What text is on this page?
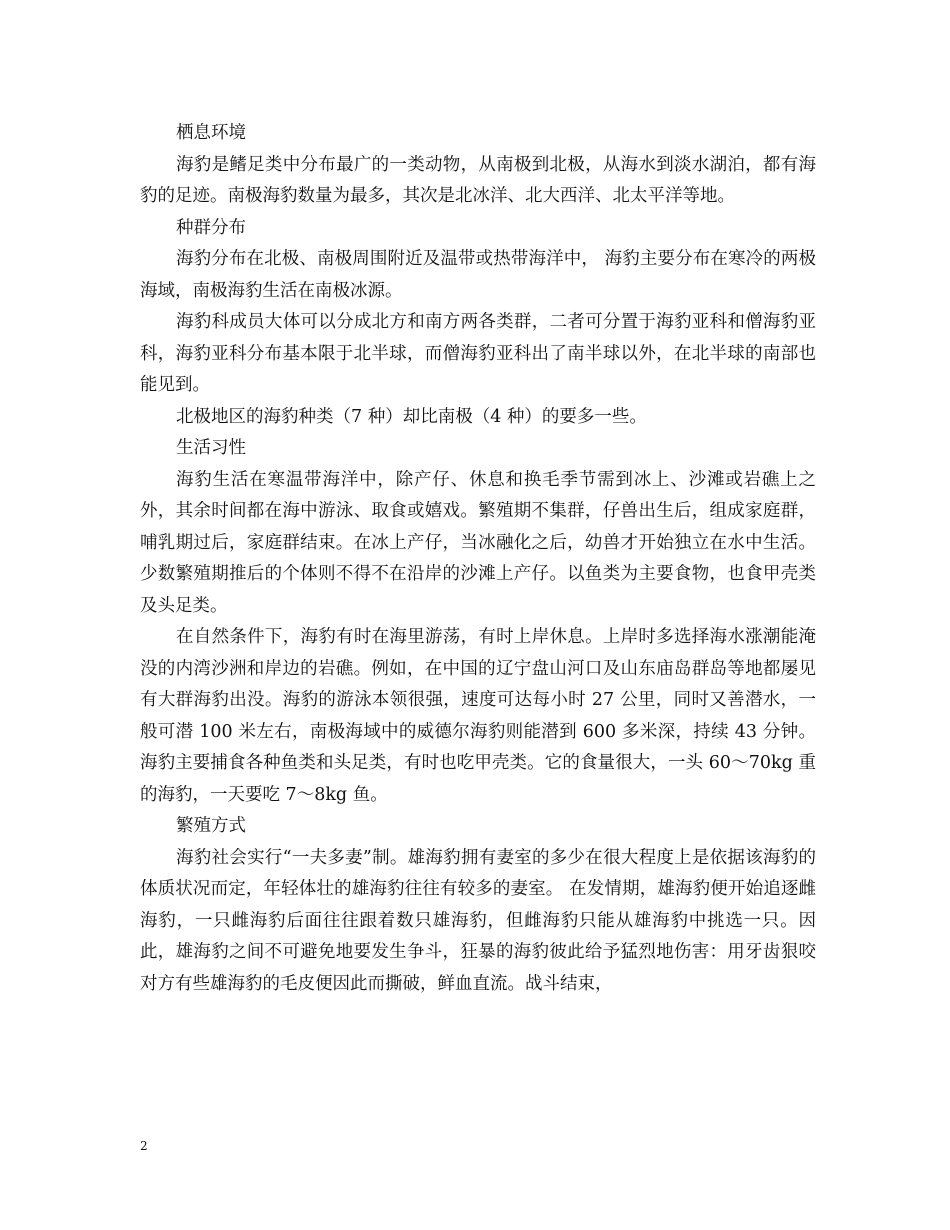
栖息环境

海豹是鳍足类中分布最广的一类动物，从南极到北极，从海水到淡水湖泊，都有海豹的足迹。南极海豹数量为最多，其次是北冰洋、北大西洋、北太平洋等地。

种群分布

海豹分布在北极、南极周围附近及温带或热带海洋中， 海豹主要分布在寒冷的两极海域，南极海豹生活在南极冰源。

海豹科成员大体可以分成北方和南方两各类群，二者可分置于海豹亚科和僧海豹亚科，海豹亚科分布基本限于北半球，而僧海豹亚科出了南半球以外，在北半球的南部也能见到。

北极地区的海豹种类（7 种）却比南极（4 种）的要多一些。

生活习性

海豹生活在寒温带海洋中，除产仔、休息和换毛季节需到冰上、沙滩或岩礁上之外，其余时间都在海中游泳、取食或嬉戏。繁殖期不集群，仔兽出生后，组成家庭群，哺乳期过后，家庭群结束。在冰上产仔，当冰融化之后，幼兽才开始独立在水中生活。少数繁殖期推后的个体则不得不在沿岸的沙滩上产仔。以鱼类为主要食物，也食甲壳类及头足类。

在自然条件下，海豹有时在海里游荡，有时上岸休息。上岸时多选择海水涨潮能淹没的内湾沙洲和岸边的岩礁。例如，在中国的辽宁盘山河口及山东庙岛群岛等地都屡见有大群海豹出没。海豹的游泳本领很强，速度可达每小时 27 公里，同时又善潜水，一般可潜 100 米左右，南极海域中的威德尔海豹则能潜到 600 多米深，持续 43 分钟。海豹主要捕食各种鱼类和头足类，有时也吃甲壳类。它的食量很大，一头 60～70kg 重的海豹，一天要吃 7～8kg 鱼。

繁殖方式

海豹社会实行“一夫多妻”制。雄海豹拥有妻室的多少在很大程度上是依据该海豹的体质状况而定，年轻体壮的雄海豹往往有较多的妻室。 在发情期，雄海豹便开始追逐雌海豹，一只雌海豹后面往往跟着数只雄海豹，但雌海豹只能从雄海豹中挑选一只。因此，雄海豹之间不可避免地要发生争斗，狂暴的海豹彼此给予猛烈地伤害：用牙齿狠咬对方有些雄海豹的毛皮便因此而撕破，鲜血直流。战斗结束，

2
